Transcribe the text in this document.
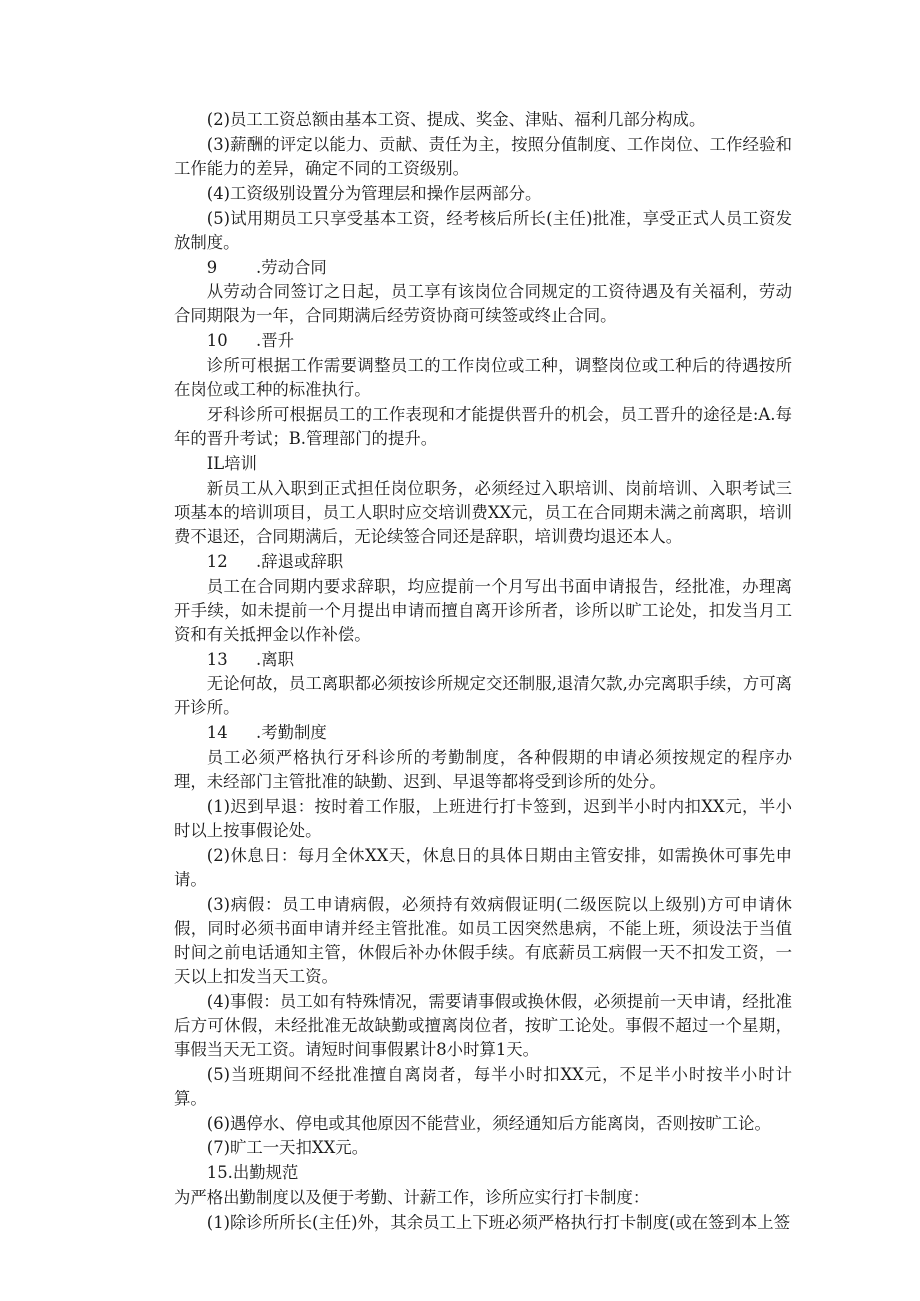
(2)员工工资总额由基本工资、提成、奖金、津贴、福利几部分构成。

(3)薪酬的评定以能力、贡献、责任为主，按照分值制度、工作岗位、工作经验和工作能力的差异，确定不同的工资级别。

(4)工资级别设置分为管理层和操作层两部分。

(5)试用期员工只享受基本工资，经考核后所长(主任)批准，享受正式人员工资发放制度。

9 .劳动合同

从劳动合同签订之日起，员工享有该岗位合同规定的工资待遇及有关福利，劳动合同期限为一年，合同期满后经劳资协商可续签或终止合同。

10 .晋升

诊所可根据工作需要调整员工的工作岗位或工种，调整岗位或工种后的待遇按所在岗位或工种的标准执行。

牙科诊所可根据员工的工作表现和才能提供晋升的机会，员工晋升的途径是:A.每年的晋升考试；B.管理部门的提升。

IL培训

新员工从入职到正式担任岗位职务，必须经过入职培训、岗前培训、入职考试三项基本的培训项目，员工人职时应交培训费XX元，员工在合同期未满之前离职，培训费不退还，合同期满后，无论续签合同还是辞职，培训费均退还本人。

12 .辞退或辞职

员工在合同期内要求辞职，均应提前一个月写出书面申请报告，经批准，办理离开手续，如未提前一个月提出申请而擅自离开诊所者，诊所以旷工论处，扣发当月工资和有关抵押金以作补偿。

13 .离职

无论何故，员工离职都必须按诊所规定交还制服,退清欠款,办完离职手续，方可离开诊所。

14 .考勤制度

员工必须严格执行牙科诊所的考勤制度，各种假期的申请必须按规定的程序办理，未经部门主管批准的缺勤、迟到、早退等都将受到诊所的处分。

(1)迟到早退：按时着工作服，上班进行打卡签到，迟到半小时内扣XX元，半小时以上按事假论处。

(2)休息日：每月全休XX天，休息日的具体日期由主管安排，如需换休可事先申请。

(3)病假：员工申请病假，必须持有效病假证明(二级医院以上级别)方可申请休假，同时必须书面申请并经主管批准。如员工因突然患病，不能上班，须设法于当值时间之前电话通知主管，休假后补办休假手续。有底薪员工病假一天不扣发工资，一天以上扣发当天工资。

(4)事假：员工如有特殊情况，需要请事假或换休假，必须提前一天申请，经批准后方可休假，未经批准无故缺勤或擅离岗位者，按旷工论处。事假不超过一个星期，事假当天无工资。请短时间事假累计8小时算1天。

(5)当班期间不经批准擅自离岗者，每半小时扣XX元，不足半小时按半小时计算。

(6)遇停水、停电或其他原因不能营业，须经通知后方能离岗，否则按旷工论。

(7)旷工一天扣XX元。

15.出勤规范

为严格出勤制度以及便于考勤、计薪工作，诊所应实行打卡制度：

(1)除诊所所长(主任)外，其余员工上下班必须严格执行打卡制度(或在签到本上签
